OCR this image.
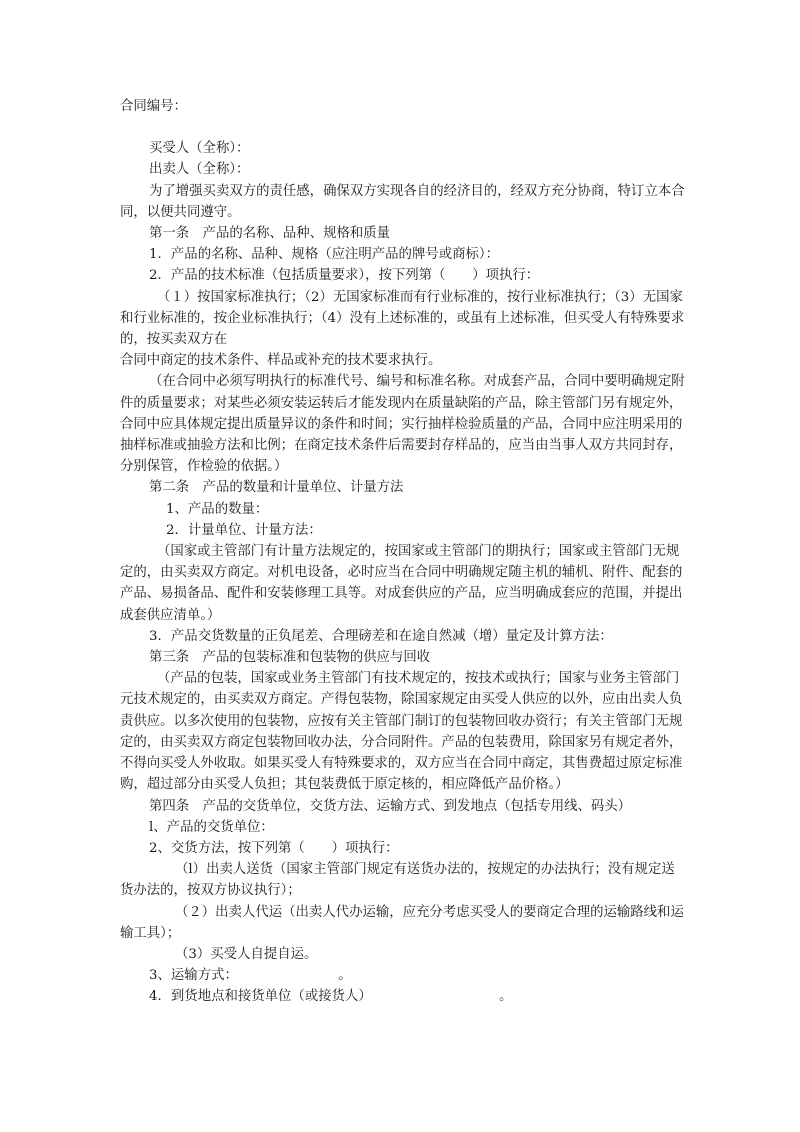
合同编号：

买受人（全称）：

出卖人（全称）：

为了增强买卖双方的责任感，确保双方实现各自的经济目的，经双方充分协商，特订立本合同，以便共同遵守。

第一条　产品的名称、品种、规格和质量

1．产品的名称、品种、规格（应注明产品的牌号或商标）：

2．产品的技术标准（包括质量要求），按下列第（　　）项执行：

（１）按国家标准执行；（2）无国家标准而有行业标准的，按行业标准执行；（3）无国家和行业标准的，按企业标准执行；（4）没有上述标准的，或虽有上述标准，但买受人有特殊要求的，按买卖双方在

合同中商定的技术条件、样品或补充的技术要求执行。

（在合同中必须写明执行的标准代号、编号和标准名称。对成套产品，合同中要明确规定附件的质量要求；对某些必须安装运转后才能发现内在质量缺陷的产品，除主管部门另有规定外，合同中应具体规定提出质量异议的条件和时间；实行抽样检验质量的产品，合同中应注明采用的抽样标准或抽验方法和比例；在商定技术条件后需要封存样品的，应当由当事人双方共同封存，分别保管，作检验的依据。）

第二条　产品的数量和计量单位、计量方法

1、产品的数量：

2．计量单位、计量方法：

（国家或主管部门有计量方法规定的，按国家或主管部门的期执行；国家或主管部门无规定的，由买卖双方商定。对机电设备，必时应当在合同中明确规定随主机的辅机、附件、配套的产品、易损备品、配件和安装修理工具等。对成套供应的产品，应当明确成套应的范围，并提出成套供应清单。）

3．产品交货数量的正负尾差、合理磅差和在途自然减（增）量定及计算方法：

第三条　产品的包装标准和包装物的供应与回收

（产品的包装，国家或业务主管部门有技术规定的，按技术或执行；国家与业务主管部门元技术规定的，由买卖双方商定。产得包装物，除国家规定由买受人供应的以外，应由出卖人负责供应。以多次使用的包装物，应按有关主管部门制订的包装物回收办资行；有关主管部门无规定的，由买卖双方商定包装物回收办法，分合同附件。产品的包装费用，除国家另有规定者外，不得向买受人外收取。如果买受人有特殊要求的，双方应当在合同中商定，其售费超过原定标准购，超过部分由买受人负担；其包装费低于原定核的，相应降低产品价格。）

第四条　产品的交货单位，交货方法、运输方式、到发地点（包括专用线、码头）

l、产品的交货单位：

2、交货方法，按下列第（　　）项执行：

（l）出卖人送货（国家主管部门规定有送货办法的，按规定的办法执行；没有规定送货办法的，按双方协议执行）；

（２）出卖人代运（出卖人代办运输，应充分考虑买受人的要商定合理的运输路线和运输工具）；

（3）买受人自提自运。

3、运输方式：　　　　　　　　。

4．到货地点和接货单位（或接货人）　　　　　　　　　　。
